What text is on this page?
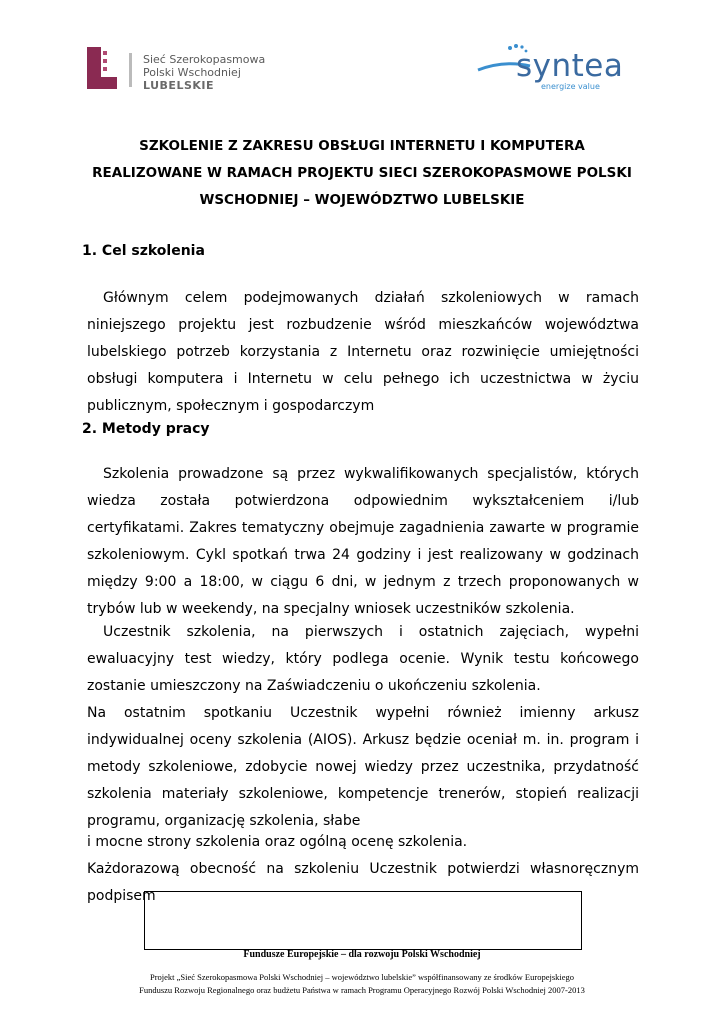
Sieć Szerokopasmowa
Polski Wschodniej
LUBELSKIE
syntea
energize value
SZKOLENIE Z ZAKRESU OBSŁUGI INTERNETU I KOMPUTERA
REALIZOWANE W RAMACH PROJEKTU SIECI SZEROKOPASMOWE POLSKI
WSCHODNIEJ – WOJEWÓDZTWO LUBELSKIE
1. Cel szkolenia

Głównym celem podejmowanych działań szkoleniowych w ramach niniejszego projektu jest rozbudzenie wśród mieszkańców województwa lubelskiego potrzeb korzystania z Internetu oraz rozwinięcie umiejętności obsługi komputera i Internetu w celu pełnego ich uczestnictwa w życiu publicznym, społecznym i gospodarczym

2. Metody pracy

Szkolenia prowadzone są przez wykwalifikowanych specjalistów, których wiedza została potwierdzona odpowiednim wykształceniem i/lub certyfikatami. Zakres tematyczny obejmuje zagadnienia zawarte w programie szkoleniowym. Cykl spotkań trwa 24 godziny i jest realizowany w godzinach między 9:00 a 18:00, w ciągu 6 dni, w jednym z trzech proponowanych w trybów lub w weekendy, na specjalny wniosek uczestników szkolenia.

Uczestnik szkolenia, na pierwszych i ostatnich zajęciach, wypełni ewaluacyjny test wiedzy, który podlega ocenie. Wynik testu końcowego zostanie umieszczony na Zaświadczeniu o ukończeniu szkolenia.

Na ostatnim spotkaniu Uczestnik wypełni również imienny arkusz indywidualnej oceny szkolenia (AIOS). Arkusz będzie oceniał m. in. program i metody szkoleniowe, zdobycie nowej wiedzy przez uczestnika, przydatność szkolenia materiały szkoleniowe, kompetencje trenerów, stopień realizacji programu, organizację szkolenia, słabe

i mocne strony szkolenia oraz ogólną ocenę szkolenia.

Każdorazową obecność na szkoleniu Uczestnik potwierdzi własnoręcznym podpisem

Fundusze Europejskie – dla rozwoju Polski Wschodniej
Projekt „Sieć Szerokopasmowa Polski Wschodniej – województwo lubelskie” współfinansowany ze środków Europejskiego
Funduszu Rozwoju Regionalnego oraz budżetu Państwa w ramach Programu Operacyjnego Rozwój Polski Wschodniej 2007-2013
